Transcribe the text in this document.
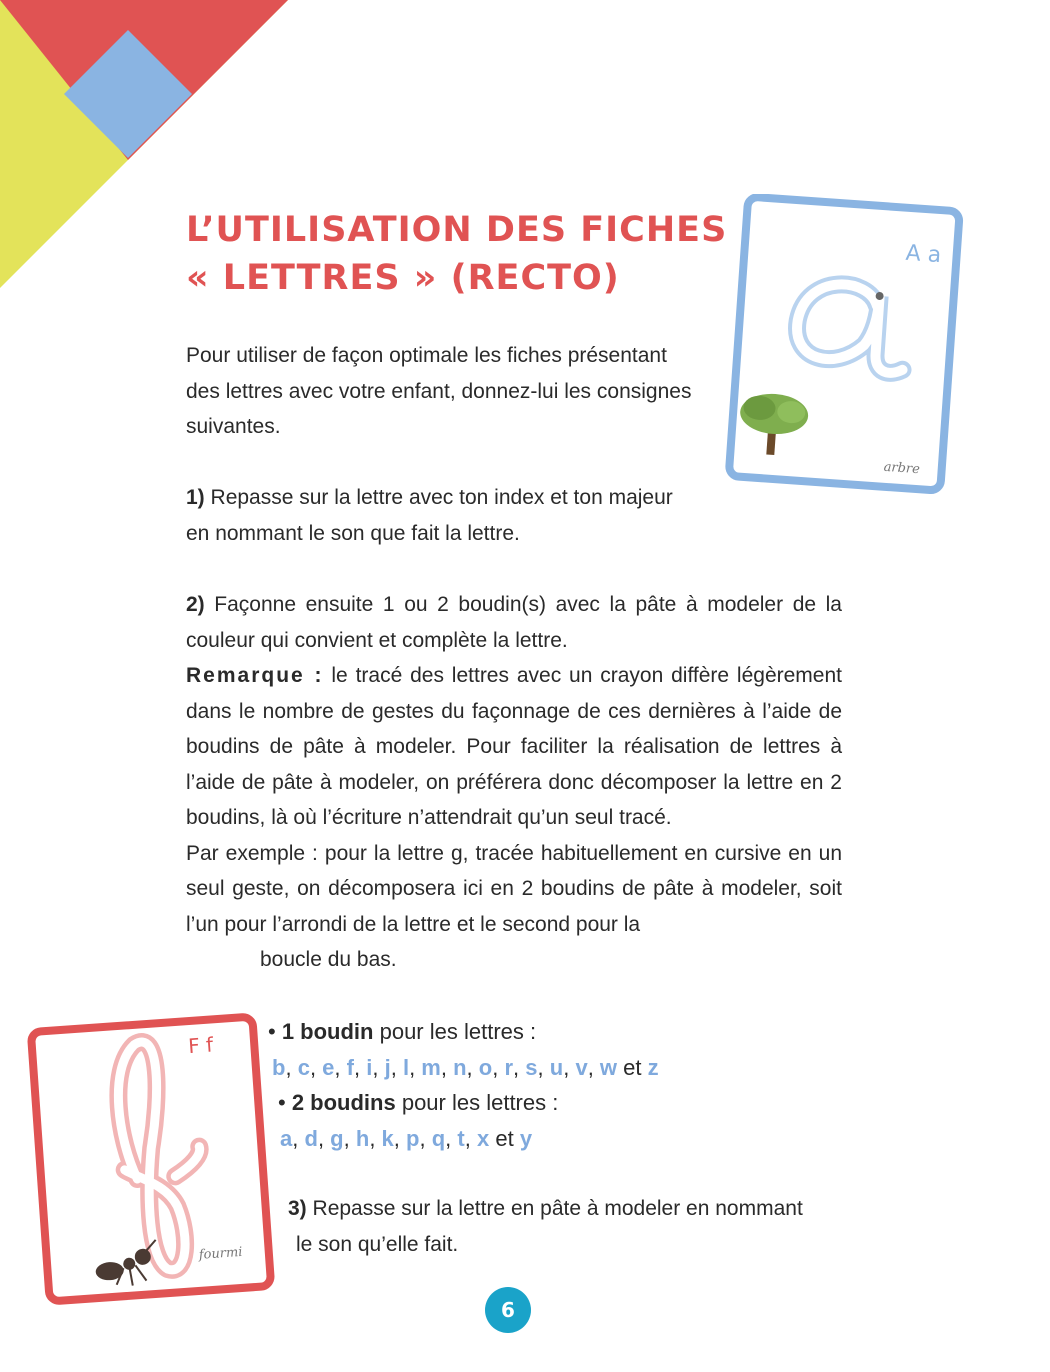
L’UTILISATION DES FICHES
« LETTRES » (RECTO)
A a
arbre
F f
fourmi

Pour utiliser de façon optimale les fiches présentant
des lettres avec votre enfant, donnez-lui les consignes
suivantes.

1) Repasse sur la lettre avec ton index et ton majeur
en nommant le son que fait la lettre.

2) Façonne ensuite 1 ou 2 boudin(s) avec la pâte à modeler de la couleur qui convient et complète la lettre.
Remarque : le tracé des lettres avec un crayon diffère légèrement dans le nombre de gestes du façonnage de ces dernières à l’aide de boudins de pâte à modeler. Pour faciliter la réalisation de lettres à l’aide de pâte à modeler, on préférera donc décomposer la lettre en 2 boudins, là où l’écriture n’attendrait qu’un seul tracé.
Par exemple : pour la lettre g, tracée habituellement en cursive en un seul geste, on décomposera ici en 2 boudins de pâte à modeler, soit l’un pour l’arrondi de la lettre et le second pour la
boucle du bas.
• 1 boudin pour les lettres :
b, c, e, f, i, j, l, m, n, o, r, s, u, v, w et z
• 2 boudins pour les lettres :
a, d, g, h, k, p, q, t, x et y

3) Repasse sur la lettre en pâte à modeler en nommant
le son qu’elle fait.

6
